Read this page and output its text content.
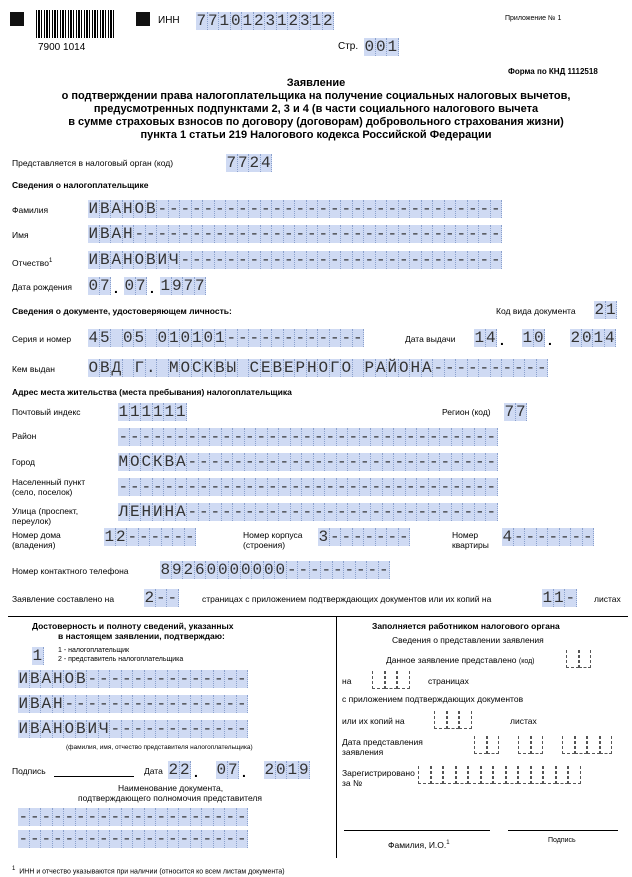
7900 1014
ИНН 7 7 1 0 1 2 3 1 2 3 1 2
Стр. 0 0 1
Приложение № 1
Форма по КНД 1112518
Заявление
о подтверждении права налогоплательщика на получение социальных налоговых вычетов,
предусмотренных подпунктами 2, 3 и 4 (в части социального налогового вычета
в сумме страховых взносов по договору (договорам) добровольного страхования жизни)
пункта 1 статьи 219 Налогового кодекса Российской Федерации
Представляется в налоговый орган (код)	7 7 2 4
Сведения о налогоплательщике
Фамилия	И В А Н О В - - - - - - - - - - - - - - - - - - - - - - - - - - - - - -
Имя	И В А Н - - - - - - - - - - - - - - - - - - - - - - - - - - - - - - - -
Отчество$^1$ И В А Н О В И Ч - - - - - - - - - - - - - - - - - - - - - - - - - - - -
Дата рождения 0 7 . 0 7 . 1 9 7 7
Сведения о документе, удостоверяющем личность:	Код вида документа 2 1
Серия и номер 4 5 0 5 0 1 0 1 0 1 - - - - - - - - - - - -	Дата выдачи 1 4 . 1 0 . 2 0 1 4
Кем выдан О В Д Г . М О С К В Ы С Е В Е Р Н О Г О Р А Й О Н А - - - - - - - - - -
Адрес места жительства (места пребывания) налогоплательщика
Почтовый индекс 1 1 1 1 1 1	Регион (код) 7 7
Район	- - - - - - - - - - - - - - - - - - - - - - - - - - - - - - - - -
Город	М О С К В А - - - - - - - - - - - - - - - - - - - - - - - - - - -
Населенный пункт
(село, поселок)	- - - - - - - - - - - - - - - - - - - - - - - - - - - - - - - - -
Улица (проспект,
переулок)	Л Е Н И Н А - - - - - - - - - - - - - - - - - - - - - - - - - - -
Номер дома
(владения)	1 2 - - - - - -	Номер корпуса
(строения) 3 - - - - - - -	Номер
квартиры 4 - - - - - - -
Номер контактного телефона 8 9 2 6 0 0 0 0 0 0 0 - - - - - - - - -
Заявление составлено на 2 - -	страницах с приложением подтверждающих документов или их копий на	1 1 - листах
Достоверность и полноту сведений, указанных
в настоящем заявлении, подтверждаю:
1 1 - налогоплательщик
2 - представитель налогоплательщика
И В А Н О В - - - - - - - - - - - - - -
И В А Н - - - - - - - - - - - - - - - -
И В А Н О В И Ч - - - - - - - - - - - -
(фамилия, имя, отчество представителя налогоплательщика)
Подпись	Дата 2 2 . 0 7 . 2 0 1 9
Наименование документа,
подтверждающего полномочия представителя
- - - - - - - - - - - - - - - - - - - -
- - - - - - - - - - - - - - - - - - - -
Заполняется работником налогового органа
Сведения о представлении заявления
Данное заявление представлено (код)
на	страницах
с приложением подтверждающих документов
или их копий на	листах
Дата представления
заявления
Зарегистрировано
за №
Фамилия, И.О.$^1$	Подпись
$^1$ ИНН и отчество указываются при наличии (относится ко всем листам документа)
